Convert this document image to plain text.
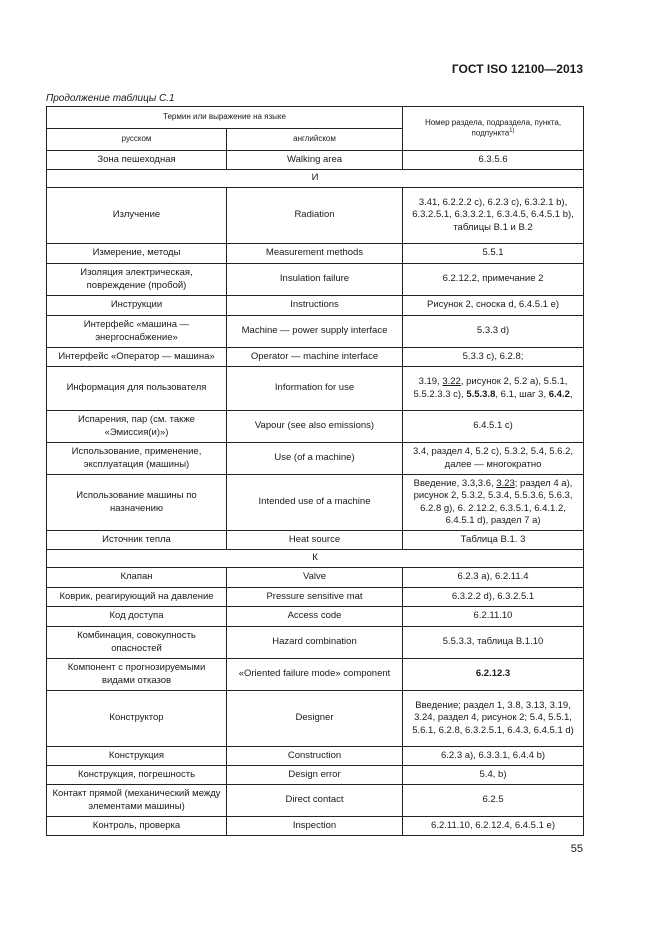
ГОСТ ISO 12100—2013
Продолжение таблицы С.1
Термин или выражение на языке		Номер раздела, подраздела, пункта, подпункта$^{1)}$
русском	английском	
Зона пешеходная	Walking area	6.3.5.6
И		
Излучение	Radiation	3.41, 6.2.2.2 c), 6.2.3 c), 6.3.2.1 b), 6.3.2.5.1, 6.3.3.2.1, 6.3.4.5, 6.4.5.1 b), таблицы В.1 и В.2
Измерение, методы	Measurement methods	5.5.1
Изоляция электрическая, повреждение (пробой)	Insulation failure	6.2.12.2, примечание 2
Инструкции	Instructions	Рисунок 2, сноска d, 6.4.5.1 e)
Интерфейс «машина — энергоснабжение»	Machine — power supply interface	5.3.3 d)
Интерфейс «Оператор — машина»	Operator — machine interface	5.3.3 c), 6.2.8;
Информация для пользователя	Information for use	3.19, 3.22, рисунок 2, 5.2 a), 5.5.1, 5.5.2.3.3 c), 5.5.3.8, 6.1, шаг 3, 6.4.2,
Испарения, пар (см. также «Эмиссия(и)»)	Vapour (see also emissions)	6.4.5.1 c)
Использование, применение, эксплуатация (машины)	Use (of a machine)	3.4, раздел 4, 5.2 c), 5.3.2, 5.4, 5.6.2, далее — многократно
Использование машины по назначению	Intended use of a machine	Введение, 3.3,3.6, 3.23; раздел 4 a), рисунок 2, 5.3.2, 5.3.4, 5.5.3.6, 5.6.3, 6.2.8 g), 6. 2.12.2, 6.3.5.1, 6.4.1.2, 6.4.5.1 d), раздел 7 a)
Источник тепла	Heat source	Таблица В.1. 3
К		
Клапан	Valve	6.2.3 a), 6.2.11.4
Коврик, реагирующий на давление	Pressure sensitive mat	6.3.2.2 d), 6.3.2.5.1
Код доступа	Access code	6.2.11.10
Комбинация, совокупность опасностей	Hazard combination	5.5.3.3, таблица В.1.10
Компонент с прогнозируемыми видами отказов	«Oriented failure mode» component	6.2.12.3
Конструктор	Designer	Введение; раздел 1, 3.8, 3.13, 3.19, 3.24, раздел 4, рисунок 2; 5.4, 5.5.1, 5.6.1, 6.2.8, 6.3.2.5.1, 6.4.3, 6.4.5.1 d)
Конструкция	Construction	6.2.3 a), 6.3.3.1, 6.4.4 b)
Конструкция, погрешность	Design error	5.4, b)
Контакт прямой (механический между элементами машины)	Direct contact	6.2.5
Контроль, проверка	Inspection	6.2.11.10, 6.2.12.4, 6.4.5.1 e)
55
